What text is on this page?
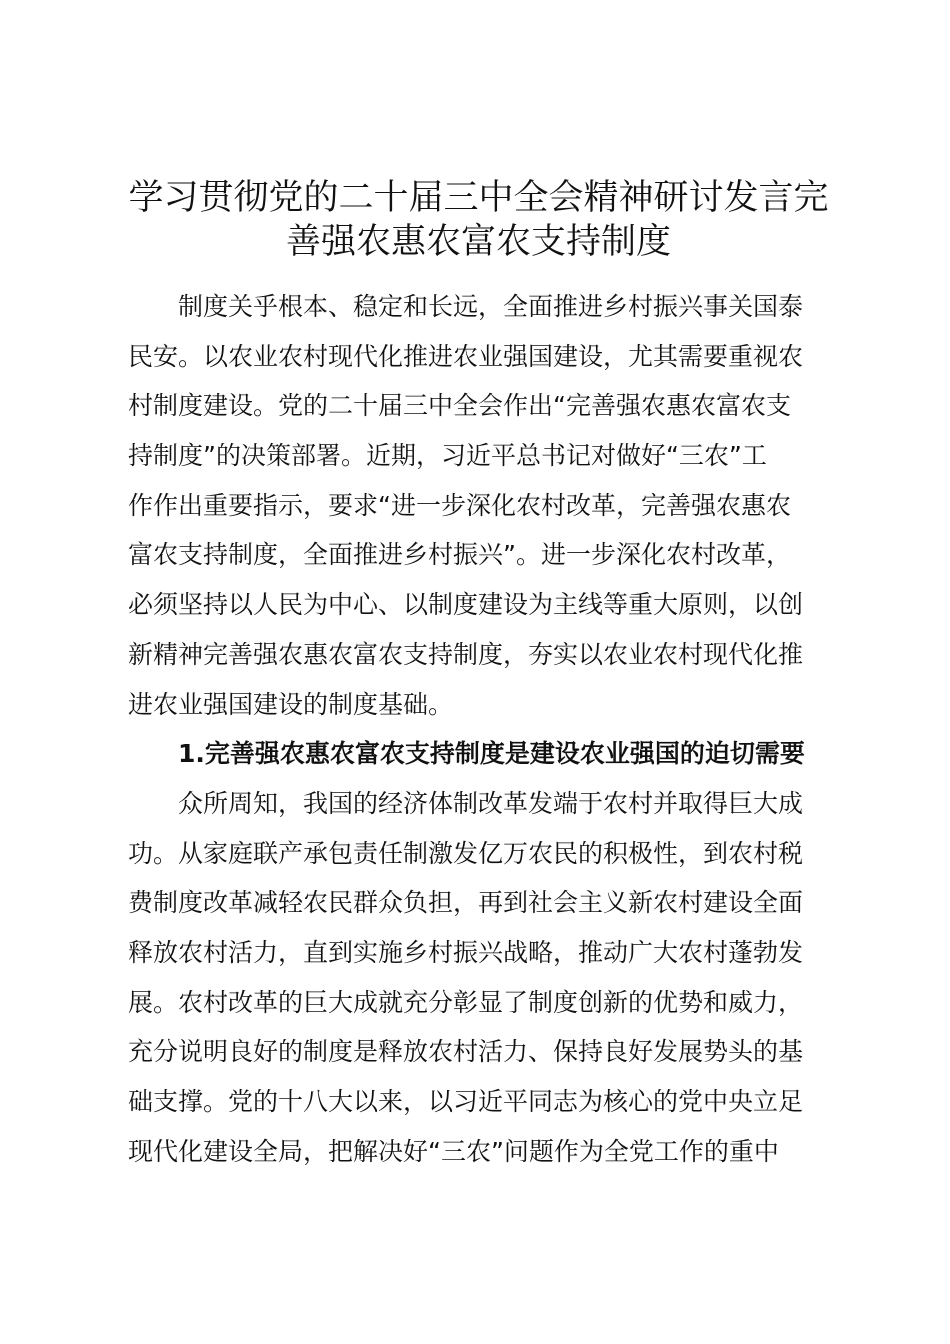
学习贯彻党的二十届三中全会精神研讨发言完
善强农惠农富农支持制度
制度关乎根本、稳定和长远，全面推进乡村振兴事关国泰
民安。以农业农村现代化推进农业强国建设，尤其需要重视农
村制度建设。党的二十届三中全会作出“完善强农惠农富农支
持制度”的决策部署。近期，习近平总书记对做好“三农”工
作作出重要指示，要求“进一步深化农村改革，完善强农惠农
富农支持制度，全面推进乡村振兴”。进一步深化农村改革，
必须坚持以人民为中心、以制度建设为主线等重大原则，以创
新精神完善强农惠农富农支持制度，夯实以农业农村现代化推
进农业强国建设的制度基础。
1.完善强农惠农富农支持制度是建设农业强国的迫切需要
众所周知，我国的经济体制改革发端于农村并取得巨大成
功。从家庭联产承包责任制激发亿万农民的积极性，到农村税
费制度改革减轻农民群众负担，再到社会主义新农村建设全面
释放农村活力，直到实施乡村振兴战略，推动广大农村蓬勃发
展。农村改革的巨大成就充分彰显了制度创新的优势和威力，
充分说明良好的制度是释放农村活力、保持良好发展势头的基
础支撑。党的十八大以来，以习近平同志为核心的党中央立足
现代化建设全局，把解决好“三农”问题作为全党工作的重中
